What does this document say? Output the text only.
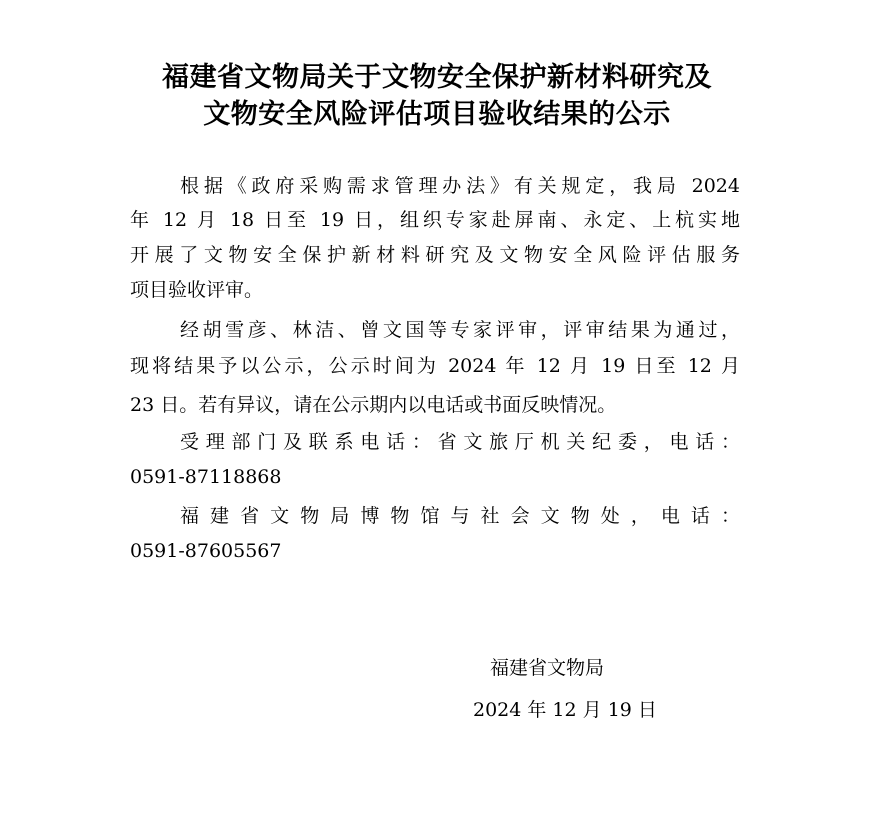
福建省文物局关于文物安全保护新材料研究及
文物安全风险评估项目验收结果的公示
根据《政府采购需求管理办法》有关规定，我局 2024
年 12 月 18 日至 19 日，组织专家赴屏南、永定、上杭实地
开展了文物安全保护新材料研究及文物安全风险评估服务
项目验收评审。
经胡雪彦、林洁、曾文国等专家评审，评审结果为通过，
现将结果予以公示，公示时间为 2024 年 12 月 19 日至 12 月
23 日。若有异议，请在公示期内以电话或书面反映情况。
受理部门及联系电话：省文旅厅机关纪委，电话：
0591-87118868
福建省文物局博物馆与社会文物处，电话：
0591-87605567
福建省文物局
2024 年 12 月 19 日
